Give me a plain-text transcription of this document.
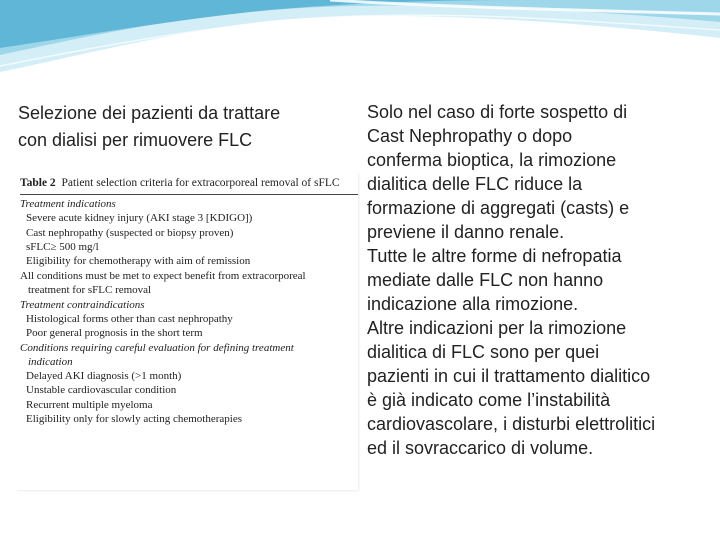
Selezione dei pazienti da trattare
con dialisi per rimuovere FLC
Table 2 Patient selection criteria for extracorporeal removal of sFLC
Treatment indications
Severe acute kidney injury (AKI stage 3 [KDIGO])
Cast nephropathy (suspected or biopsy proven)
sFLC≥ 500 mg/l
Eligibility for chemotherapy with aim of remission
All conditions must be met to expect benefit from extracorporeal
treatment for sFLC removal
Treatment contraindications
Histological forms other than cast nephropathy
Poor general prognosis in the short term
Conditions requiring careful evaluation for defining treatment
indication
Delayed AKI diagnosis (>1 month)
Unstable cardiovascular condition
Recurrent multiple myeloma
Eligibility only for slowly acting chemotherapies

Solo nel caso di forte sospetto di

Cast Nephropathy o dopo

conferma bioptica, la rimozione

dialitica delle FLC riduce la

formazione di aggregati (casts) e

previene il danno renale.

Tutte le altre forme di nefropatia

mediate dalle FLC non hanno

indicazione alla rimozione.

Altre indicazioni per la rimozione

dialitica di FLC sono per quei

pazienti in cui il trattamento dialitico

è già indicato come l’instabilità

cardiovascolare, i disturbi elettrolitici

ed il sovraccarico di volume.
